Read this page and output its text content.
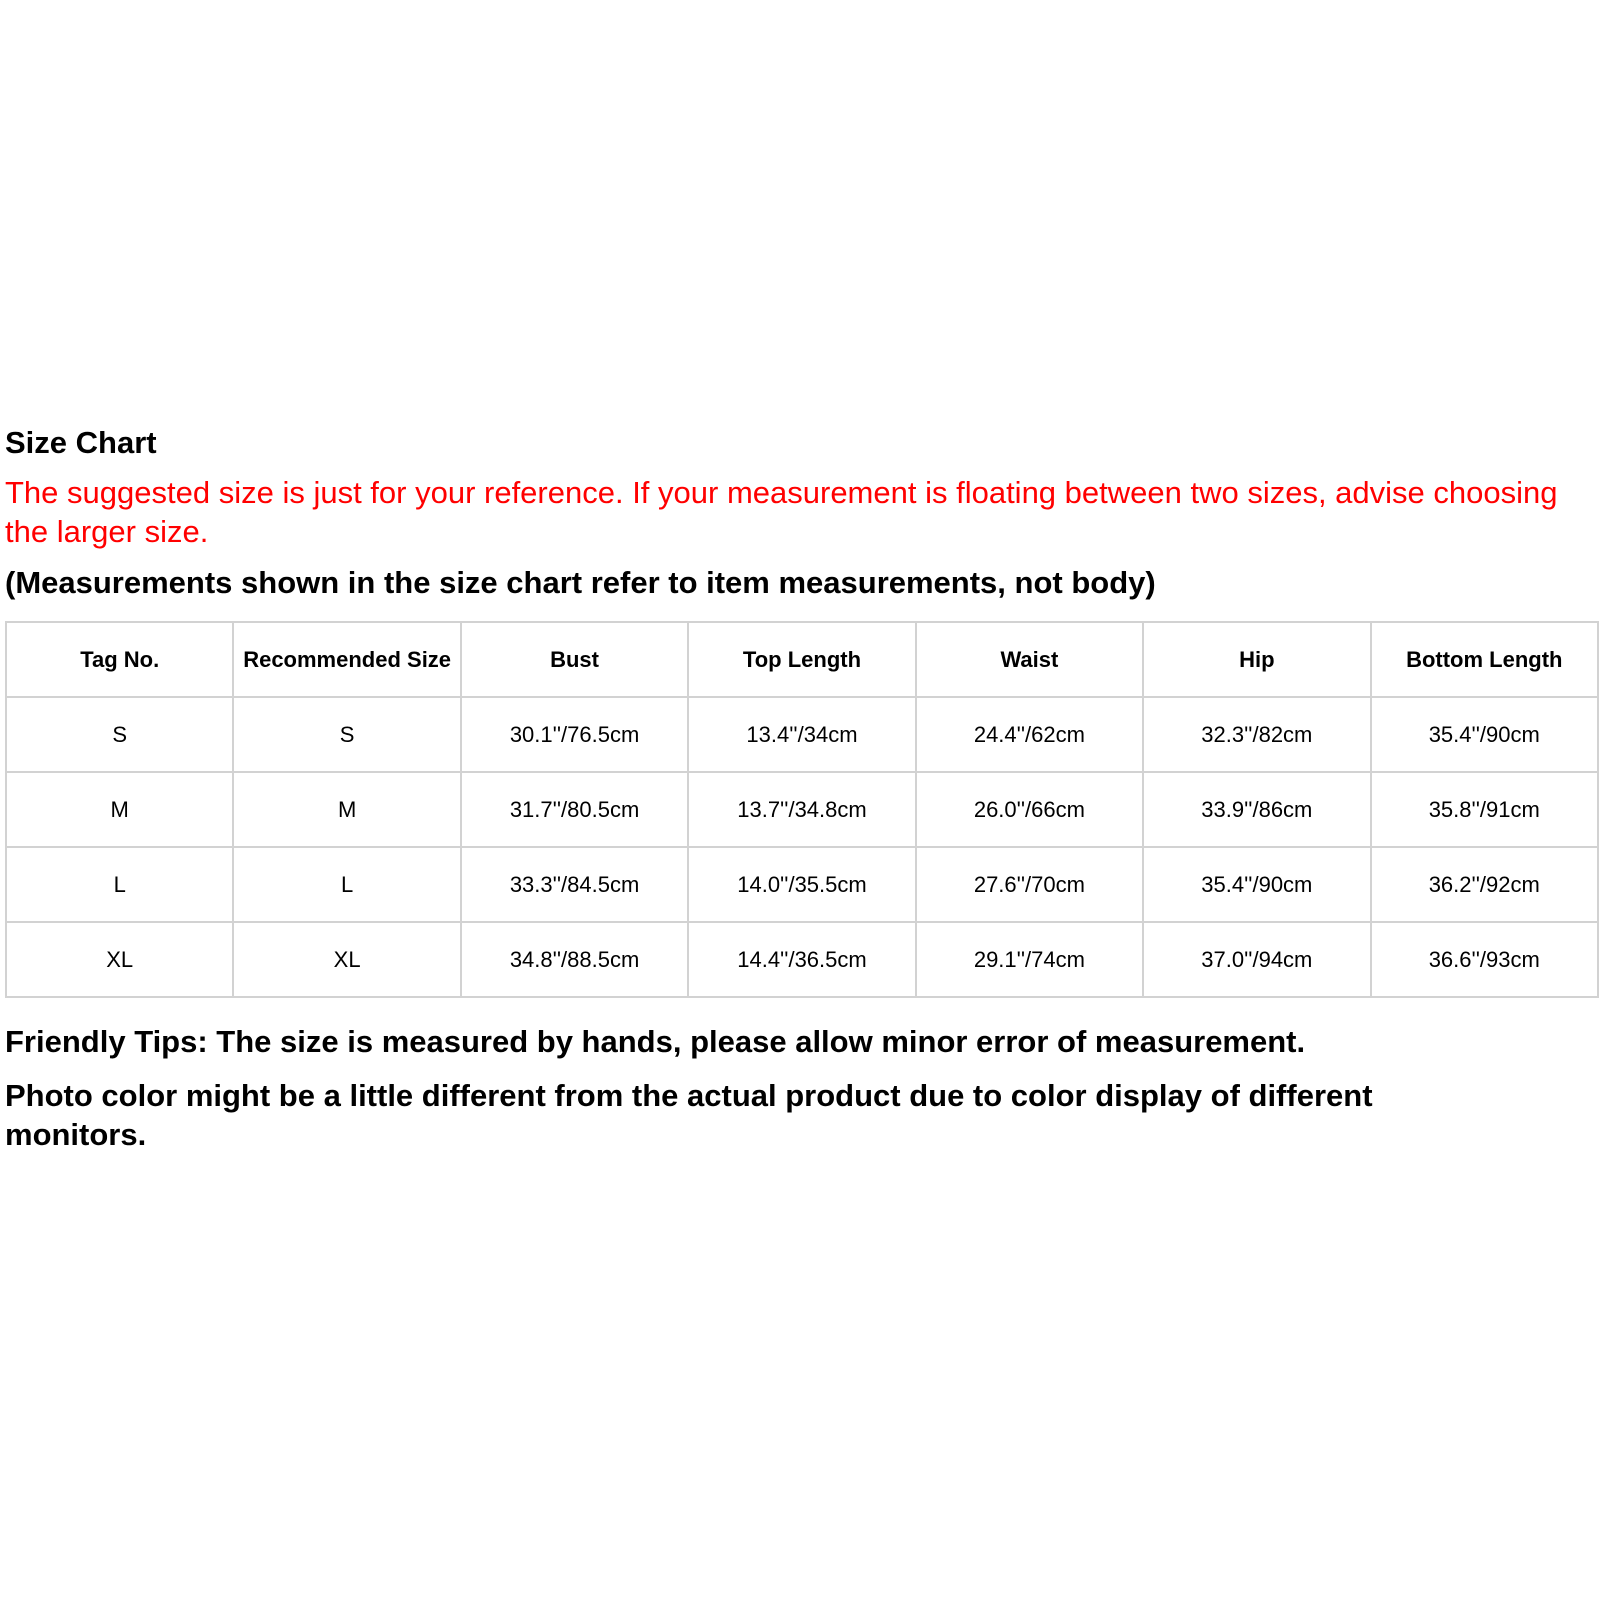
Size Chart
The suggested size is just for your reference. If your measurement is floating between two sizes, advise choosing the larger size.
(Measurements shown in the size chart refer to item measurements, not body)
Tag No.	Recommended Size	Bust	Top Length	Waist	Hip	Bottom Length
S	S	30.1''/76.5cm	13.4''/34cm	24.4''/62cm	32.3''/82cm	35.4''/90cm
M	M	31.7''/80.5cm	13.7''/34.8cm	26.0''/66cm	33.9''/86cm	35.8''/91cm
L	L	33.3''/84.5cm	14.0''/35.5cm	27.6''/70cm	35.4''/90cm	36.2''/92cm
XL	XL	34.8''/88.5cm	14.4''/36.5cm	29.1''/74cm	37.0''/94cm	36.6''/93cm
Friendly Tips: The size is measured by hands, please allow minor error of measurement.
Photo color might be a little different from the actual product due to color display of different monitors.
